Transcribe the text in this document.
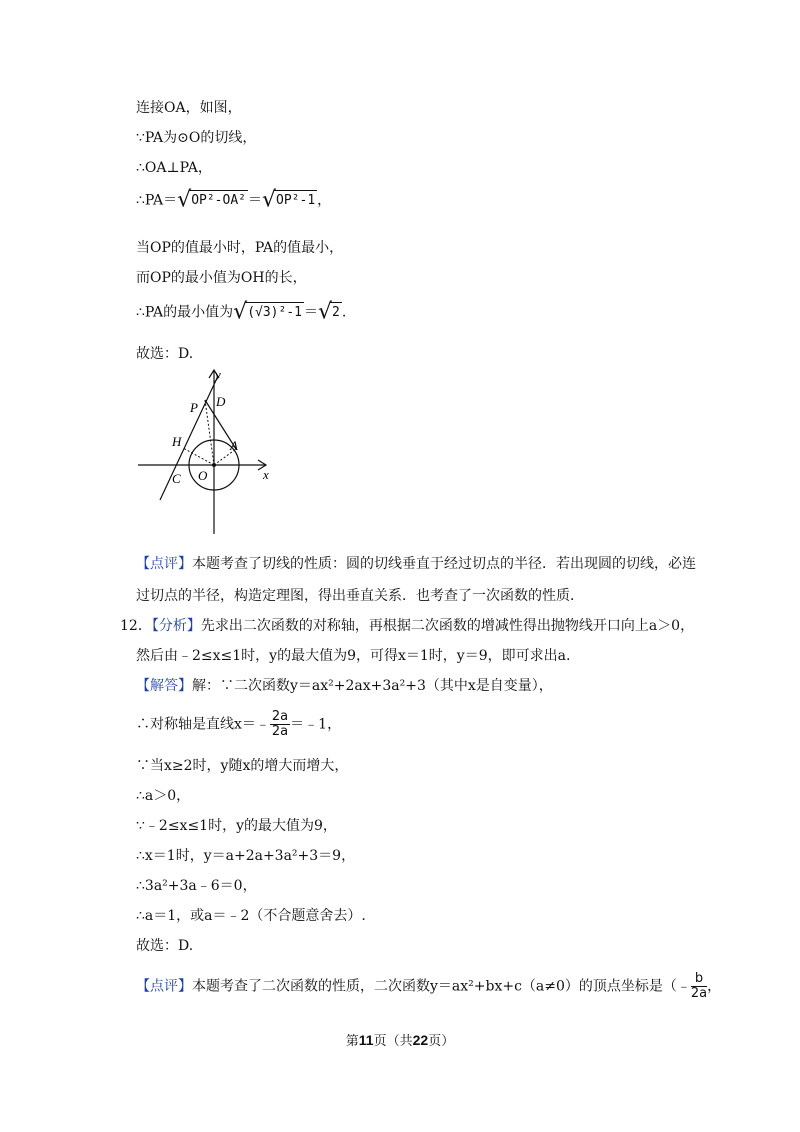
连接OA，如图，
∵PA为⊙O的切线，
∴OA⊥PA，
∴PA＝√OP²-OA² ＝√OP²-1 ，
当OP的值最小时，PA的值最小，
而OP的最小值为OH的长，
∴PA的最小值为√(√3)²-1 ＝√2 .
故选：D.
y
x
P D
H	A
O
C
【点评】本题考查了切线的性质：圆的切线垂直于经过切点的半径．若出现圆的切线，必连
过切点的半径，构造定理图，得出垂直关系．也考查了一次函数的性质．
12．【分析】先求出二次函数的对称轴，再根据二次函数的增减性得出抛物线开口向上a＞0，
然后由﹣2≤x≤1时，y的最大值为9，可得x＝1时，y＝9，即可求出a.
【解答】解：∵二次函数y＝ax²+2ax+3a²+3（其中x是自变量），
∴对称轴是直线x＝﹣ $\frac{2a}{2a}$ ＝﹣1，
∵当x≥2时，y随x的增大而增大，
∴a＞0，
∵﹣2≤x≤1时，y的最大值为9，
∴x＝1时，y＝a+2a+3a²+3＝9，
∴3a²+3a﹣6＝0，
∴a＝1，或a＝﹣2（不合题意舍去）.
故选：D.
【点评】本题考查了二次函数的性质，二次函数y＝ax²+bx+c（a≠0）的顶点坐标是（﹣ $\frac{b}{2a}$ ，
第11页（共22页）
